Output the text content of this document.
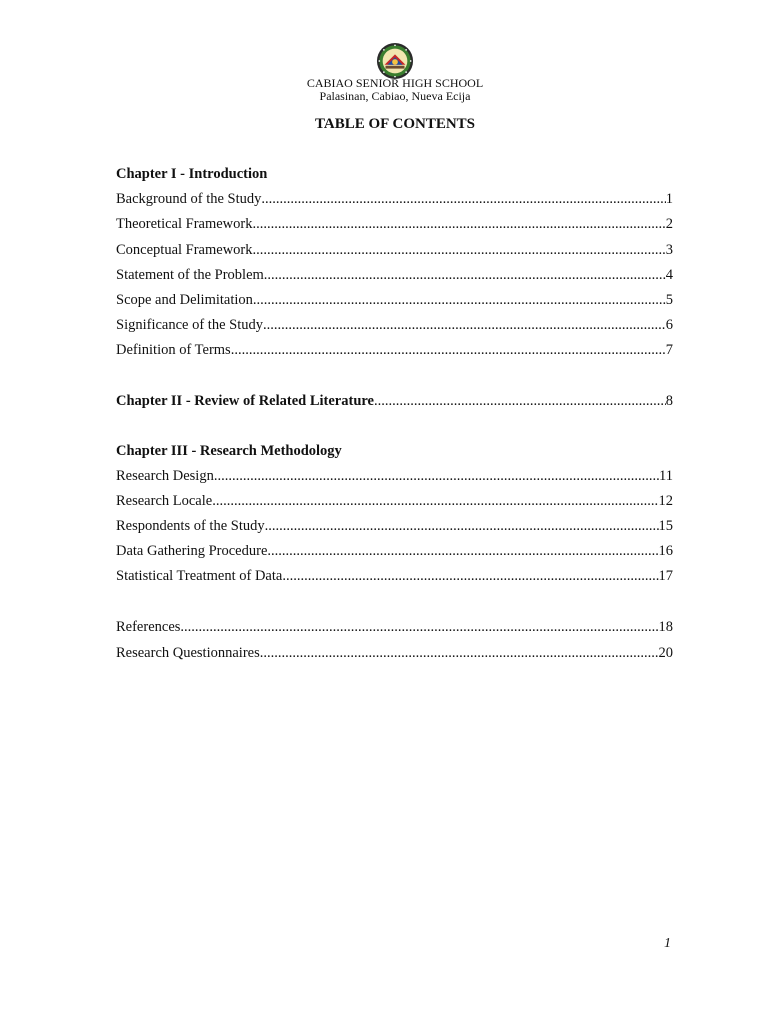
CABIAO SENIOR HIGH SCHOOL
Palasinan, Cabiao, Nueva Ecija
TABLE OF CONTENTS
Chapter I - Introduction
Background of the Study .....	1
Theoretical Framework .....	2
Conceptual Framework .....	3
Statement of the Problem .....	4
Scope and Delimitation .....	5
Significance of the Study .....	6
Definition of Terms .....	7
Chapter II - Review of Related Literature .....	8
Chapter III - Research Methodology
Research Design .....	11
Research Locale .....	12
Respondents of the Study .....	15
Data Gathering Procedure .....	16
Statistical Treatment of Data .....	17
References .....	18
Research Questionnaires .....	20
1
